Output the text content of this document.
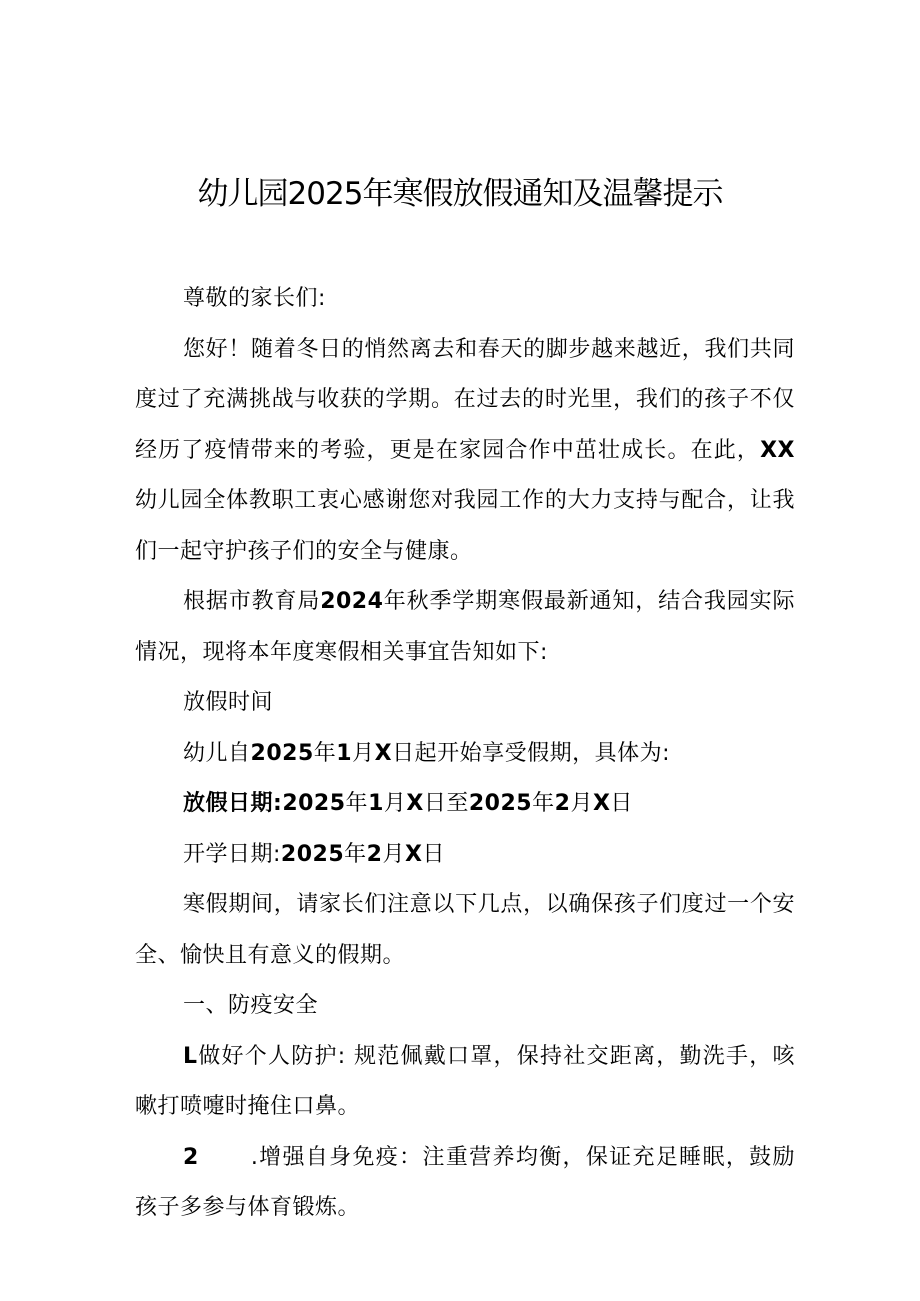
幼儿园2025年寒假放假通知及温馨提示

尊敬的家长们:

您好！随着冬日的悄然离去和春天的脚步越来越近，我们共同度过了充满挑战与收获的学期。在过去的时光里，我们的孩子不仅经历了疫情带来的考验，更是在家园合作中茁壮成长。在此，XX幼儿园全体教职工衷心感谢您对我园工作的大力支持与配合，让我们一起守护孩子们的安全与健康。

根据市教育局2024年秋季学期寒假最新通知，结合我园实际情况，现将本年度寒假相关事宜告知如下:

放假时间

幼儿自2025年1月X日起开始享受假期，具体为:

放假日期:2025年1月X日至2025年2月X日

开学日期:2025年2月X日

寒假期间，请家长们注意以下几点，以确保孩子们度过一个安全、愉快且有意义的假期。

一、防疫安全

L做好个人防护: 规范佩戴口罩，保持社交距离，勤洗手，咳嗽打喷嚏时掩住口鼻。

2 .增强自身免疫：注重营养均衡，保证充足睡眠，鼓励孩子多参与体育锻炼。
